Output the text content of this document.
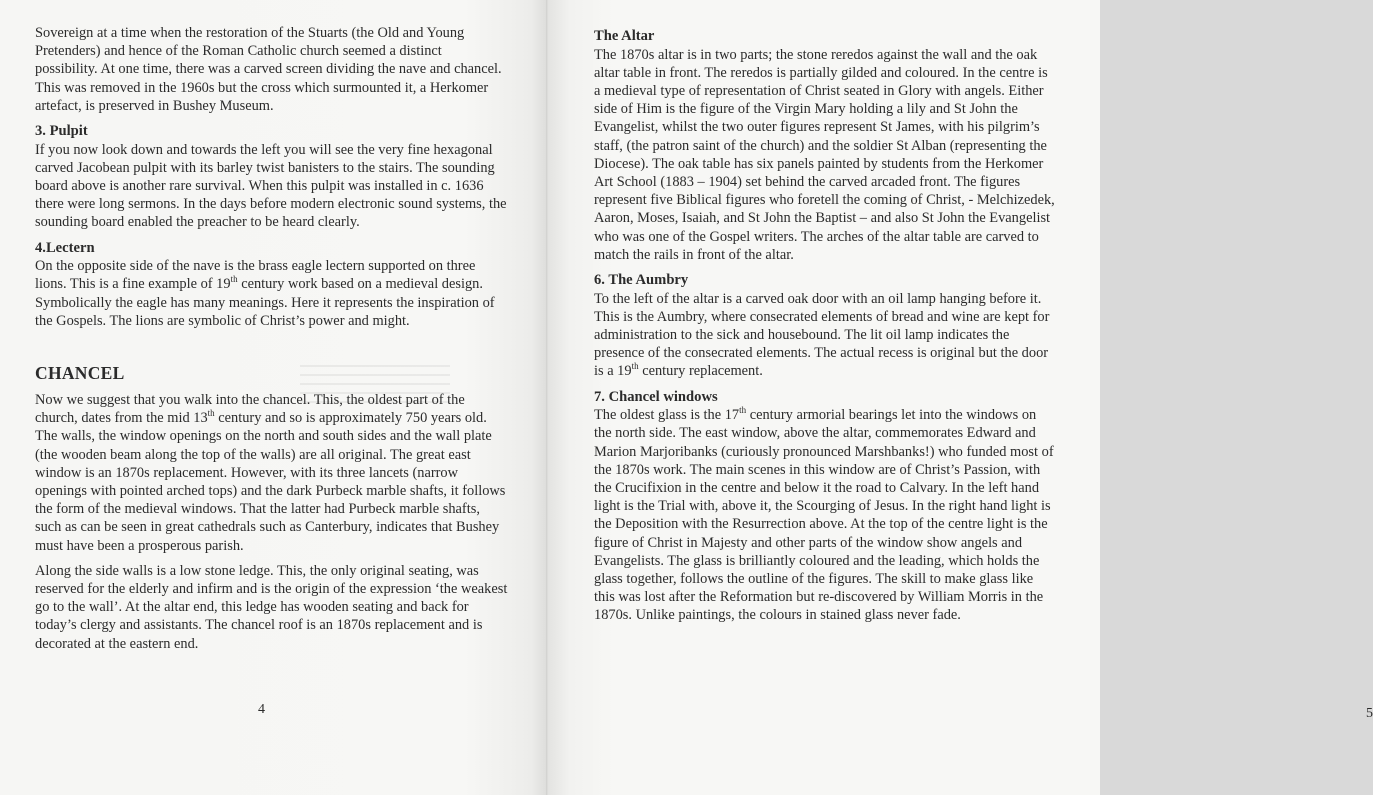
Sovereign at a time when the restoration of the Stuarts (the Old and Young Pretenders) and hence of the Roman Catholic church seemed a distinct possibility. At one time, there was a carved screen dividing the nave and chancel. This was removed in the 1960s but the cross which surmounted it, a Herkomer artefact, is preserved in Bushey Museum.

3. Pulpit

If you now look down and towards the left you will see the very fine hexagonal carved Jacobean pulpit with its barley twist banisters to the stairs. The sounding board above is another rare survival. When this pulpit was installed in c. 1636 there were long sermons. In the days before modern electronic sound systems, the sounding board enabled the preacher to be heard clearly.

4.Lectern

On the opposite side of the nave is the brass eagle lectern supported on three lions. This is a fine example of 19th century work based on a medieval design. Symbolically the eagle has many meanings. Here it represents the inspiration of the Gospels. The lions are symbolic of Christ’s power and might.

CHANCEL

Now we suggest that you walk into the chancel. This, the oldest part of the church, dates from the mid 13th century and so is approximately 750 years old. The walls, the window openings on the north and south sides and the wall plate (the wooden beam along the top of the walls) are all original. The great east window is an 1870s replacement. However, with its three lancets (narrow openings with pointed arched tops) and the dark Purbeck marble shafts, it follows the form of the medieval windows. That the latter had Purbeck marble shafts, such as can be seen in great cathedrals such as Canterbury, indicates that Bushey must have been a prosperous parish.

Along the side walls is a low stone ledge. This, the only original seating, was reserved for the elderly and infirm and is the origin of the expression ‘the weakest go to the wall’. At the altar end, this ledge has wooden seating and back for today’s clergy and assistants. The chancel roof is an 1870s replacement and is decorated at the eastern end.

4
The Altar

The 1870s altar is in two parts; the stone reredos against the wall and the oak altar table in front. The reredos is partially gilded and coloured. In the centre is a medieval type of representation of Christ seated in Glory with angels. Either side of Him is the figure of the Virgin Mary holding a lily and St John the Evangelist, whilst the two outer figures represent St James, with his pilgrim’s staff, (the patron saint of the church) and the soldier St Alban (representing the Diocese). The oak table has six panels painted by students from the Herkomer Art School (1883 – 1904) set behind the carved arcaded front. The figures represent five Biblical figures who foretell the coming of Christ, - Melchizedek, Aaron, Moses, Isaiah, and St John the Baptist – and also St John the Evangelist who was one of the Gospel writers. The arches of the altar table are carved to match the rails in front of the altar.

6. The Aumbry

To the left of the altar is a carved oak door with an oil lamp hanging before it. This is the Aumbry, where consecrated elements of bread and wine are kept for administration to the sick and housebound. The lit oil lamp indicates the presence of the consecrated elements. The actual recess is original but the door is a 19th century replacement.

7. Chancel windows

The oldest glass is the 17th century armorial bearings let into the windows on the north side. The east window, above the altar, commemorates Edward and Marion Marjoribanks (curiously pronounced Marshbanks!) who funded most of the 1870s work. The main scenes in this window are of Christ’s Passion, with the Crucifixion in the centre and below it the road to Calvary. In the left hand light is the Trial with, above it, the Scourging of Jesus. In the right hand light is the Deposition with the Resurrection above. At the top of the centre light is the figure of Christ in Majesty and other parts of the window show angels and Evangelists. The glass is brilliantly coloured and the leading, which holds the glass together, follows the outline of the figures. The skill to make glass like this was lost after the Reformation but re-discovered by William Morris in the 1870s. Unlike paintings, the colours in stained glass never fade.

5
